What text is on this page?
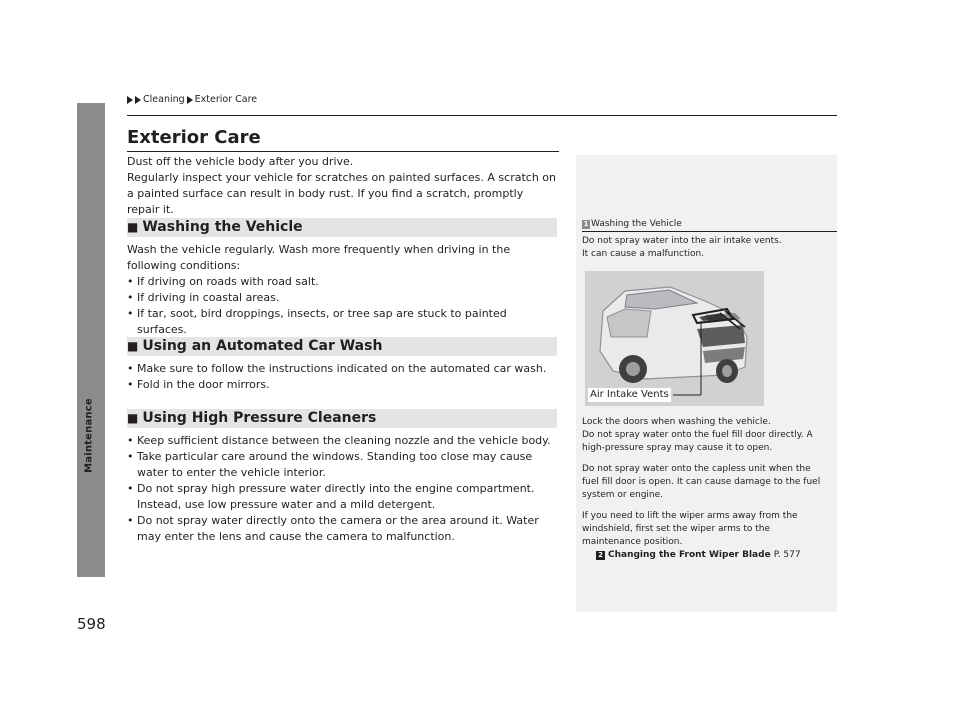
Maintenance
Cleaning Exterior Care
Exterior Care

Dust off the vehicle body after you drive.

Regularly inspect your vehicle for scratches on painted surfaces. A scratch on a painted surface can result in body rust. If you find a scratch, promptly repair it.

■ Washing the Vehicle

Wash the vehicle regularly. Wash more frequently when driving in the following conditions:

• If driving on roads with road salt.
• If driving in coastal areas.
• If tar, soot, bird droppings, insects, or tree sap are stuck to painted surfaces.
■ Using an Automated Car Wash
• Make sure to follow the instructions indicated on the automated car wash.
• Fold in the door mirrors.
■ Using High Pressure Cleaners
• Keep sufficient distance between the cleaning nozzle and the vehicle body.
• Take particular care around the windows. Standing too close may cause water to enter the vehicle interior.
• Do not spray high pressure water directly into the engine compartment. Instead, use low pressure water and a mild detergent.
• Do not spray water directly onto the camera or the area around it. Water may enter the lens and cause the camera to malfunction.
1 Washing the Vehicle

Do not spray water into the air intake vents.
It can cause a malfunction.

Air Intake Vents

Lock the doors when washing the vehicle.
Do not spray water onto the fuel fill door directly. A high-pressure spray may cause it to open.

Do not spray water onto the capless unit when the fuel fill door is open. It can cause damage to the fuel system or engine.

If you need to lift the wiper arms away from the windshield, first set the wiper arms to the maintenance position.

2 Changing the Front Wiper Blade P. 577
598
